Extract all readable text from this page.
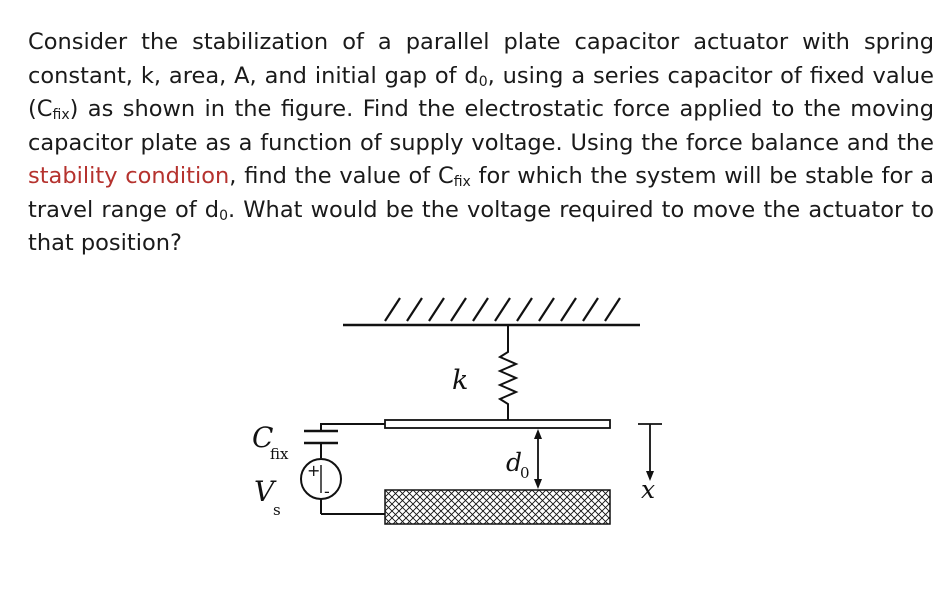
Consider the stabilization of a parallel plate capacitor actuator with spring constant, k, area, A, and initial gap of $d_0$, using a series capacitor of fixed value $(C_{fix})$ as shown in the figure. Find the electrostatic force applied to the moving capacitor plate as a function of supply voltage. Using the force balance and the stability condition, find the value of $C_{fix}$ for which the system will be stable for a travel range of $d_0$. What would be the voltage required to move the actuator to that position?

k
d
0
x
C
fix
+
-
V
s
